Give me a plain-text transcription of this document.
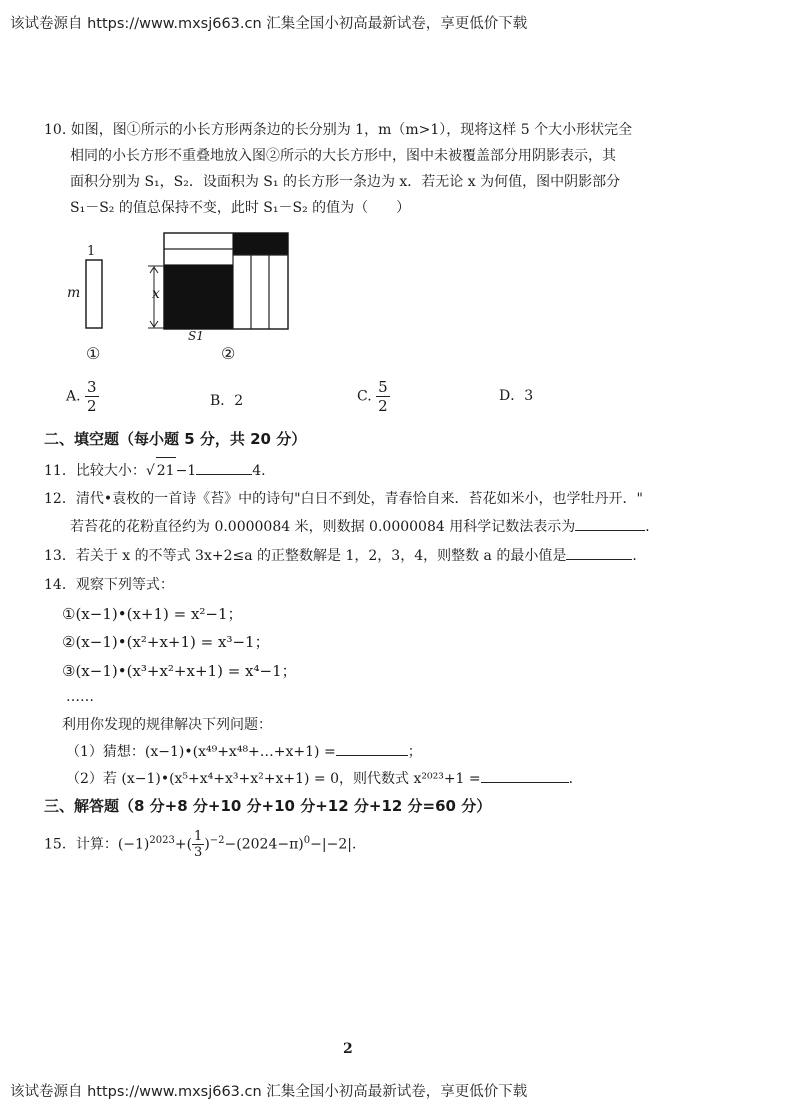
该试卷源自 https://www.mxsj663.cn 汇集全国小初高最新试卷，享更低价下载
10. 如图，图①所示的小长方形两条边的长分别为 1，m（m>1），现将这样 5 个大小形状完全
相同的小长方形不重叠地放入图②所示的大长方形中，图中未被覆盖部分用阴影表示，其
面积分别为 S₁，S₂．设面积为 S₁ 的长方形一条边为 x．若无论 x 为何值，图中阴影部分
S₁－S₂ 的值总保持不变，此时 S₁－S₂ 的值为（　　）
1
m
①
x
S1
②
A. $\frac{3}{2}$	B．2	C. $\frac{5}{2}$	D．3
二、填空题（每小题 5 分，共 20 分）
11．比较大小：√ 21−1	4.
12．清代•袁枚的一首诗《苔》中的诗句"白日不到处，青春恰自来．苔花如米小，也学牡丹开．"
若苔花的花粉直径约为 0.0000084 米，则数据 0.0000084 用科学记数法表示为	．
13．若关于 x 的不等式 3x+2≤a 的正整数解是 1，2，3，4，则整数 a 的最小值是	．
14．观察下列等式：
①(x−1)•(x+1) = x²−1；
②(x−1)•(x²+x+1) = x³−1；
③(x−1)•(x³+x²+x+1) = x⁴−1；
……
利用你发现的规律解决下列问题：
（1）猜想：(x−1)•(x⁴⁹+x⁴⁸+…+x+1) =	；
（2）若 (x−1)•(x⁵+x⁴+x³+x²+x+1) = 0，则代数式 x²⁰²³+1 =	．
三、解答题（8 分+8 分+10 分+10 分+12 分+12 分=60 分）
15．计算：$(-1)^{2023}+( \frac{1}{3} )^{-2}-(2024-\pi)^0-|-2|$．
2
该试卷源自 https://www.mxsj663.cn 汇集全国小初高最新试卷，享更低价下载
